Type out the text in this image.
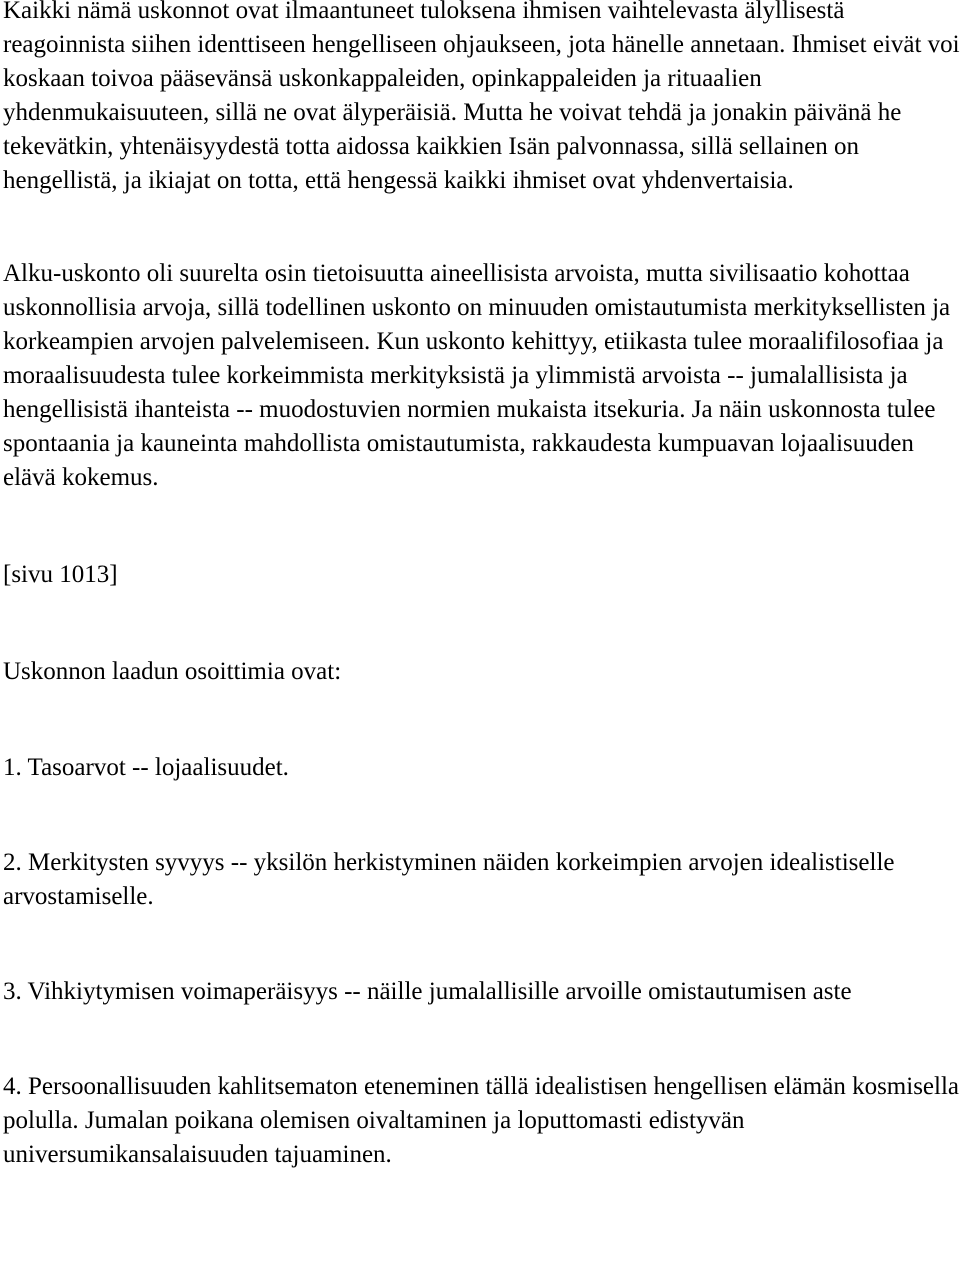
Kaikki nämä uskonnot ovat ilmaantuneet tuloksena ihmisen vaihtelevasta älyllisestä reagoinnista siihen identtiseen hengelliseen ohjaukseen, jota hänelle annetaan. Ihmiset eivät voi koskaan toivoa pääsevänsä uskonkappaleiden, opinkappaleiden ja rituaalien yhdenmukaisuuteen, sillä ne ovat älyperäisiä. Mutta he voivat tehdä ja jonakin päivänä he tekevätkin, yhtenäisyydestä totta aidossa kaikkien Isän palvonnassa, sillä sellainen on hengellistä, ja ikiajat on totta, että hengessä kaikki ihmiset ovat yhdenvertaisia.

Alku-uskonto oli suurelta osin tietoisuutta aineellisista arvoista, mutta sivilisaatio kohottaa uskonnollisia arvoja, sillä todellinen uskonto on minuuden omistautumista merkityksellisten ja korkeampien arvojen palvelemiseen. Kun uskonto kehittyy, etiikasta tulee moraalifilosofiaa ja moraalisuudesta tulee korkeimmista merkityksistä ja ylimmistä arvoista -- jumalallisista ja hengellisistä ihanteista -- muodostuvien normien mukaista itsekuria. Ja näin uskonnosta tulee spontaania ja kauneinta mahdollista omistautumista, rakkaudesta kumpuavan lojaalisuuden elävä kokemus.

[sivu 1013]

Uskonnon laadun osoittimia ovat:

1. Tasoarvot -- lojaalisuudet.

2. Merkitysten syvyys -- yksilön herkistyminen näiden korkeimpien arvojen idealistiselle arvostamiselle.

3. Vihkiytymisen voimaperäisyys -- näille jumalallisille arvoille omistautumisen aste

4. Persoonallisuuden kahlitsematon eteneminen tällä idealistisen hengellisen elämän kosmisella polulla. Jumalan poikana olemisen oivaltaminen ja loputtomasti edistyvän universumikansalaisuuden tajuaminen.
